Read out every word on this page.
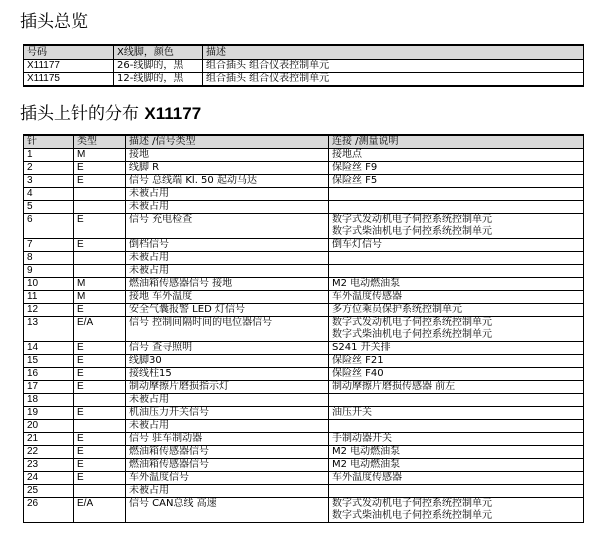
插头总览
号码	X线脚，颜色	描述
X11177	26-线脚的，黑	组合插头 组合仪表控制单元
X11175	12-线脚的，黑	组合插头 组合仪表控制单元
插头上针的分布 X11177
针	类型	描述 /信号类型	连接 /测量说明
1	M	接地	接地点
2	E	线脚 R	保险丝 F9
3	E	信号 总线端 Kl. 50 起动马达	保险丝 F5
4		未被占用	
5		未被占用	
6	E	信号 充电检查	数字式发动机电子伺控系统控制单元
数字式柴油机电子伺控系统控制单元
7	E	倒档信号	倒车灯信号
8		未被占用	
9		未被占用	
10	M	燃油箱传感器信号 接地	M2 电动燃油泵
11	M	接地 车外温度	车外温度传感器
12	E	安全气囊报警 LED 灯信号	多方位乘员保护系统控制单元
13	E/A	信号 控制间隔时间的电位器信号	数字式发动机电子伺控系统控制单元
数字式柴油机电子伺控系统控制单元
14	E	信号 查寻照明	S241 开关排
15	E	线脚30	保险丝 F21
16	E	接线柱15	保险丝 F40
17	E	制动摩擦片磨损指示灯	制动摩擦片磨损传感器 前左
18		未被占用	
19	E	机油压力开关信号	油压开关
20		未被占用	
21	E	信号 驻车制动器	手制动器开关
22	E	燃油箱传感器信号	M2 电动燃油泵
23	E	燃油箱传感器信号	M2 电动燃油泵
24	E	车外温度信号	车外温度传感器
25		未被占用	
26	E/A	信号 CAN总线 高速	数字式发动机电子伺控系统控制单元
数字式柴油机电子伺控系统控制单元
